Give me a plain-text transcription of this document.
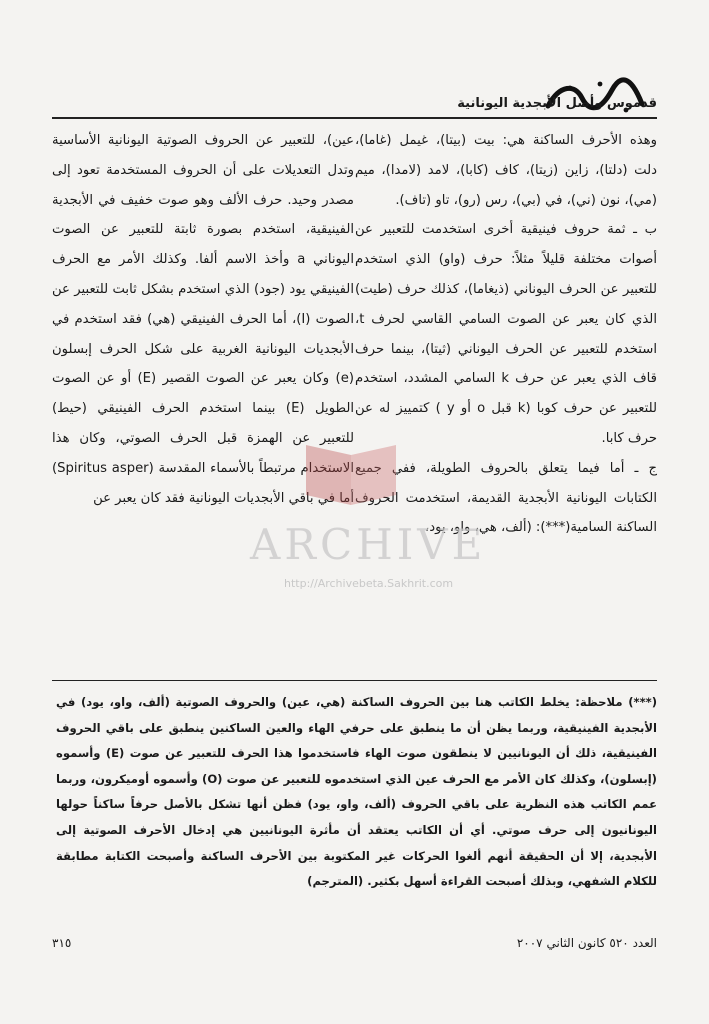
قدموس وأصل الأبجدية اليونانية

وهذه الأحرف الساكنة هي: بيت (بيتا)، غيمل (غاما)، دلت (دلتا)، زاين (زيتا)، كاف (كابا)، لامد (لامدا)، ميم (مي)، نون (ني)، في (بي)، رس (رو)، تاو (تاف).

ب ـ ثمة حروف فينيقية أخرى استخدمت للتعبير عن أصوات مختلفة قليلاً مثلاً: حرف (واو) الذي استخدم للتعبير عن الحرف اليوناني (ذيغاما)، كذلك حرف (طيت) الذي كان يعبر عن الصوت السامي القاسي لحرف t، استخدم للتعبير عن الحرف اليوناني (ثيتا)، بينما حرف قاف الذي يعبر عن حرف k السامي المشدد، استخدم للتعبير عن حرف كوبا (k قبل o أو y ) كتمييز له عن حرف كابا.

ج ـ أما فيما يتعلق بالحروف الطويلة، ففي جميع الكتابات اليونانية الأبجدية القديمة، استخدمت الحروف الساكنة السامية(***): (ألف، هي، واو، يود،

عين)، للتعبير عن الحروف الصوتية اليونانية الأساسية وتدل التعديلات على أن الحروف المستخدمة تعود إلى مصدر وحيد. حرف الألف وهو صوت خفيف في الأبجدية الفينيقية، استخدم بصورة ثابتة للتعبير عن الصوت اليوناني a وأخذ الاسم ألفا. وكذلك الأمر مع الحرف الفينيقي يود (جود) الذي استخدم بشكل ثابت للتعبير عن الصوت (I)، أما الحرف الفينيقي (هي) فقد استخدم في الأبجديات اليونانية الغربية على شكل الحرف إبسلون (e) وكان يعبر عن الصوت القصير (E) أو عن الصوت الطويل (E) بينما استخدم الحرف الفينيقي (حيط) للتعبير عن الهمزة قبل الحرف الصوتي، وكان هذا الاستخدام مرتبطاً بالأسماء المقدسة (Spiritus asper) أما في باقي الأبجديات اليونانية فقد كان يعبر عن

ARCHIVE
http://Archivebeta.Sakhrit.com

(***) ملاحظة: يخلط الكاتب هنا بين الحروف الساكنة (هي، عين) والحروف الصوتية (ألف، واو، يود) في الأبجدية الفينيقية، وربما يظن أن ما ينطبق على حرفي الهاء والعين الساكنين ينطبق على باقي الحروف الفينيقية، ذلك أن اليونانيين لا ينطقون صوت الهاء فاستخدموا هذا الحرف للتعبير عن صوت (E) وأسموه (إبسلون)، وكذلك كان الأمر مع الحرف عين الذي استخدموه للتعبير عن صوت (O) وأسموه أوميكرون، وربما عمم الكاتب هذه النظرية على باقي الحروف (ألف، واو، يود) فظن أنها تشكل بالأصل حرفاً ساكناً حولها اليونانيون إلى حرف صوتي. أي أن الكاتب يعتقد أن مأثرة اليونانيين هي إدخال الأحرف الصوتية إلى الأبجدية، إلا أن الحقيقة أنهم ألغوا الحركات غير المكتوبة بين الأحرف الساكنة وأصبحت الكتابة مطابقة للكلام الشفهي، وبذلك أصبحت القراءة أسهل بكثير. (المترجم)

العدد ٥٢٠ كانون الثاني ٢٠٠٧
٣١٥
